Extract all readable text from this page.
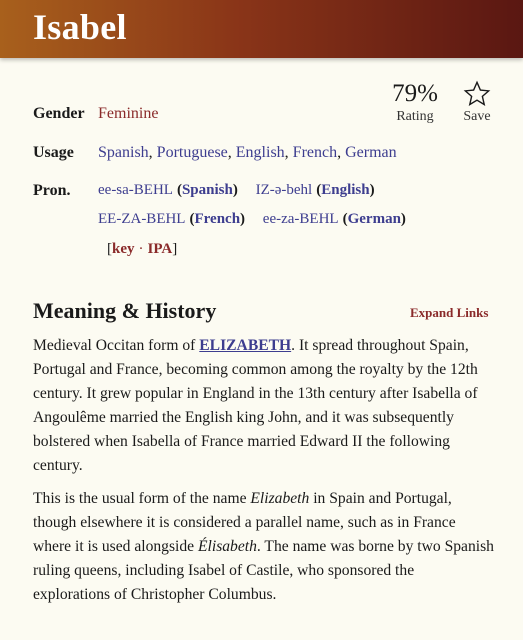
Isabel
79%
Rating	Save
Gender Feminine
Usage Spanish, Portuguese, English, French, German
Pron. ee-sa-BEHL (Spanish) IZ-ə-behl (English)
EE-ZA-BEHL (French) ee-za-BEHL (German)
[key · IPA]
Meaning & History	Expand Links
Medieval Occitan form of ELIZABETH. It spread throughout Spain, Portugal and France, becoming common among the royalty by the 12th century. It grew popular in England in the 13th century after Isabella of Angoulême married the English king John, and it was subsequently bolstered when Isabella of France married Edward II the following century.
This is the usual form of the name Elizabeth in Spain and Portugal, though elsewhere it is considered a parallel name, such as in France where it is used alongside Élisabeth. The name was borne by two Spanish ruling queens, including Isabel of Castile, who sponsored the explorations of Christopher Columbus.
